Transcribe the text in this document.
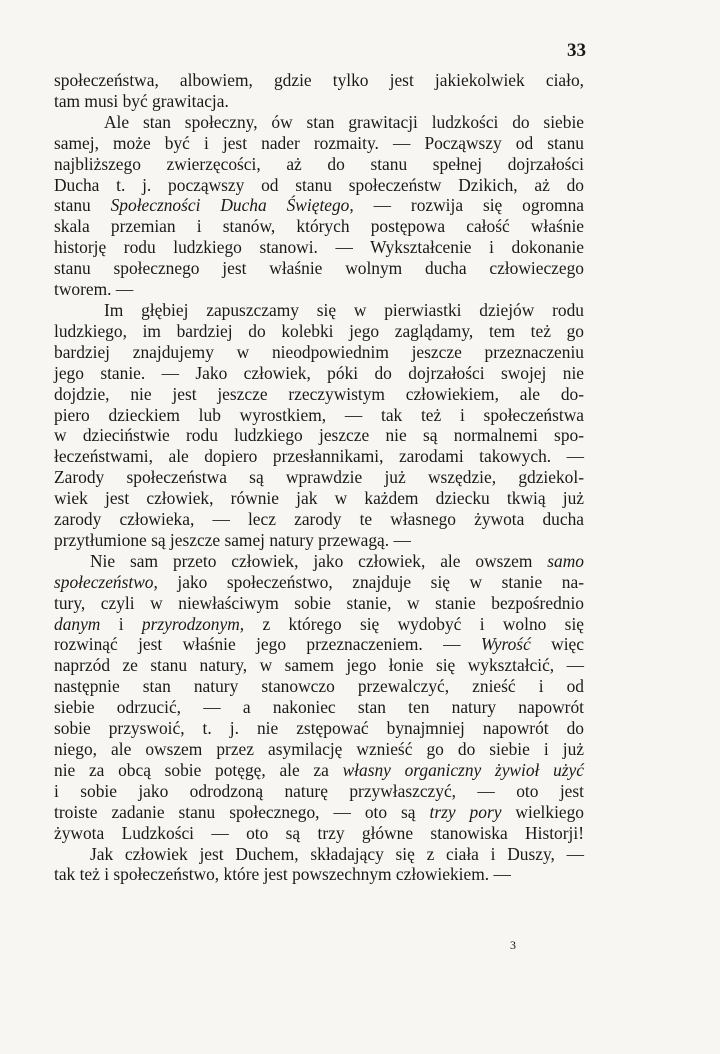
33
społeczeństwa, albowiem, gdzie tylko jest jakiekolwiek ciało,
tam musi być grawitacja.
Ale stan społeczny, ów stan grawitacji ludzkości do siebie
samej, może być i jest nader rozmaity. — Począwszy od stanu
najbliższego zwierzęcości, aż do stanu spełnej dojrzałości
Ducha t. j. począwszy od stanu społeczeństw Dzikich, aż do
stanu Społeczności Ducha Świętego, — rozwija się ogromna
skala przemian i stanów, których postępowa całość właśnie
historję rodu ludzkiego stanowi. — Wykształcenie i dokonanie
stanu społecznego jest właśnie wolnym ducha człowieczego
tworem. —
Im głębiej zapuszczamy się w pierwiastki dziejów rodu
ludzkiego, im bardziej do kolebki jego zaglądamy, tem też go
bardziej znajdujemy w nieodpowiednim jeszcze przeznaczeniu
jego stanie. — Jako człowiek, póki do dojrzałości swojej nie
dojdzie, nie jest jeszcze rzeczywistym człowiekiem, ale do-
piero dzieckiem lub wyrostkiem, — tak też i społeczeństwa
w dzieciństwie rodu ludzkiego jeszcze nie są normalnemi spo-
łeczeństwami, ale dopiero przesłannikami, zarodami takowych. —
Zarody społeczeństwa są wprawdzie już wszędzie, gdziekol-
wiek jest człowiek, równie jak w każdem dziecku tkwią już
zarody człowieka, — lecz zarody te własnego żywota ducha
przytłumione są jeszcze samej natury przewagą. —
Nie sam przeto człowiek, jako człowiek, ale owszem samo
społeczeństwo, jako społeczeństwo, znajduje się w stanie na-
tury, czyli w niewłaściwym sobie stanie, w stanie bezpośrednio
danym i przyrodzonym, z którego się wydobyć i wolno się
rozwinąć jest właśnie jego przeznaczeniem. — Wyrość więc
naprzód ze stanu natury, w samem jego łonie się wykształcić, —
następnie stan natury stanowczo przewalczyć, znieść i od
siebie odrzucić, — a nakoniec stan ten natury napowrót
sobie przyswoić, t. j. nie zstępować bynajmniej napowrót do
niego, ale owszem przez asymilację wznieść go do siebie i już
nie za obcą sobie potęgę, ale za własny organiczny żywioł użyć
i sobie jako odrodzoną naturę przywłaszczyć, — oto jest
troiste zadanie stanu społecznego, — oto są trzy pory wielkiego
żywota Ludzkości — oto są trzy główne stanowiska Historji!
Jak człowiek jest Duchem, składający się z ciała i Duszy, —
tak też i społeczeństwo, które jest powszechnym człowiekiem. —
3
